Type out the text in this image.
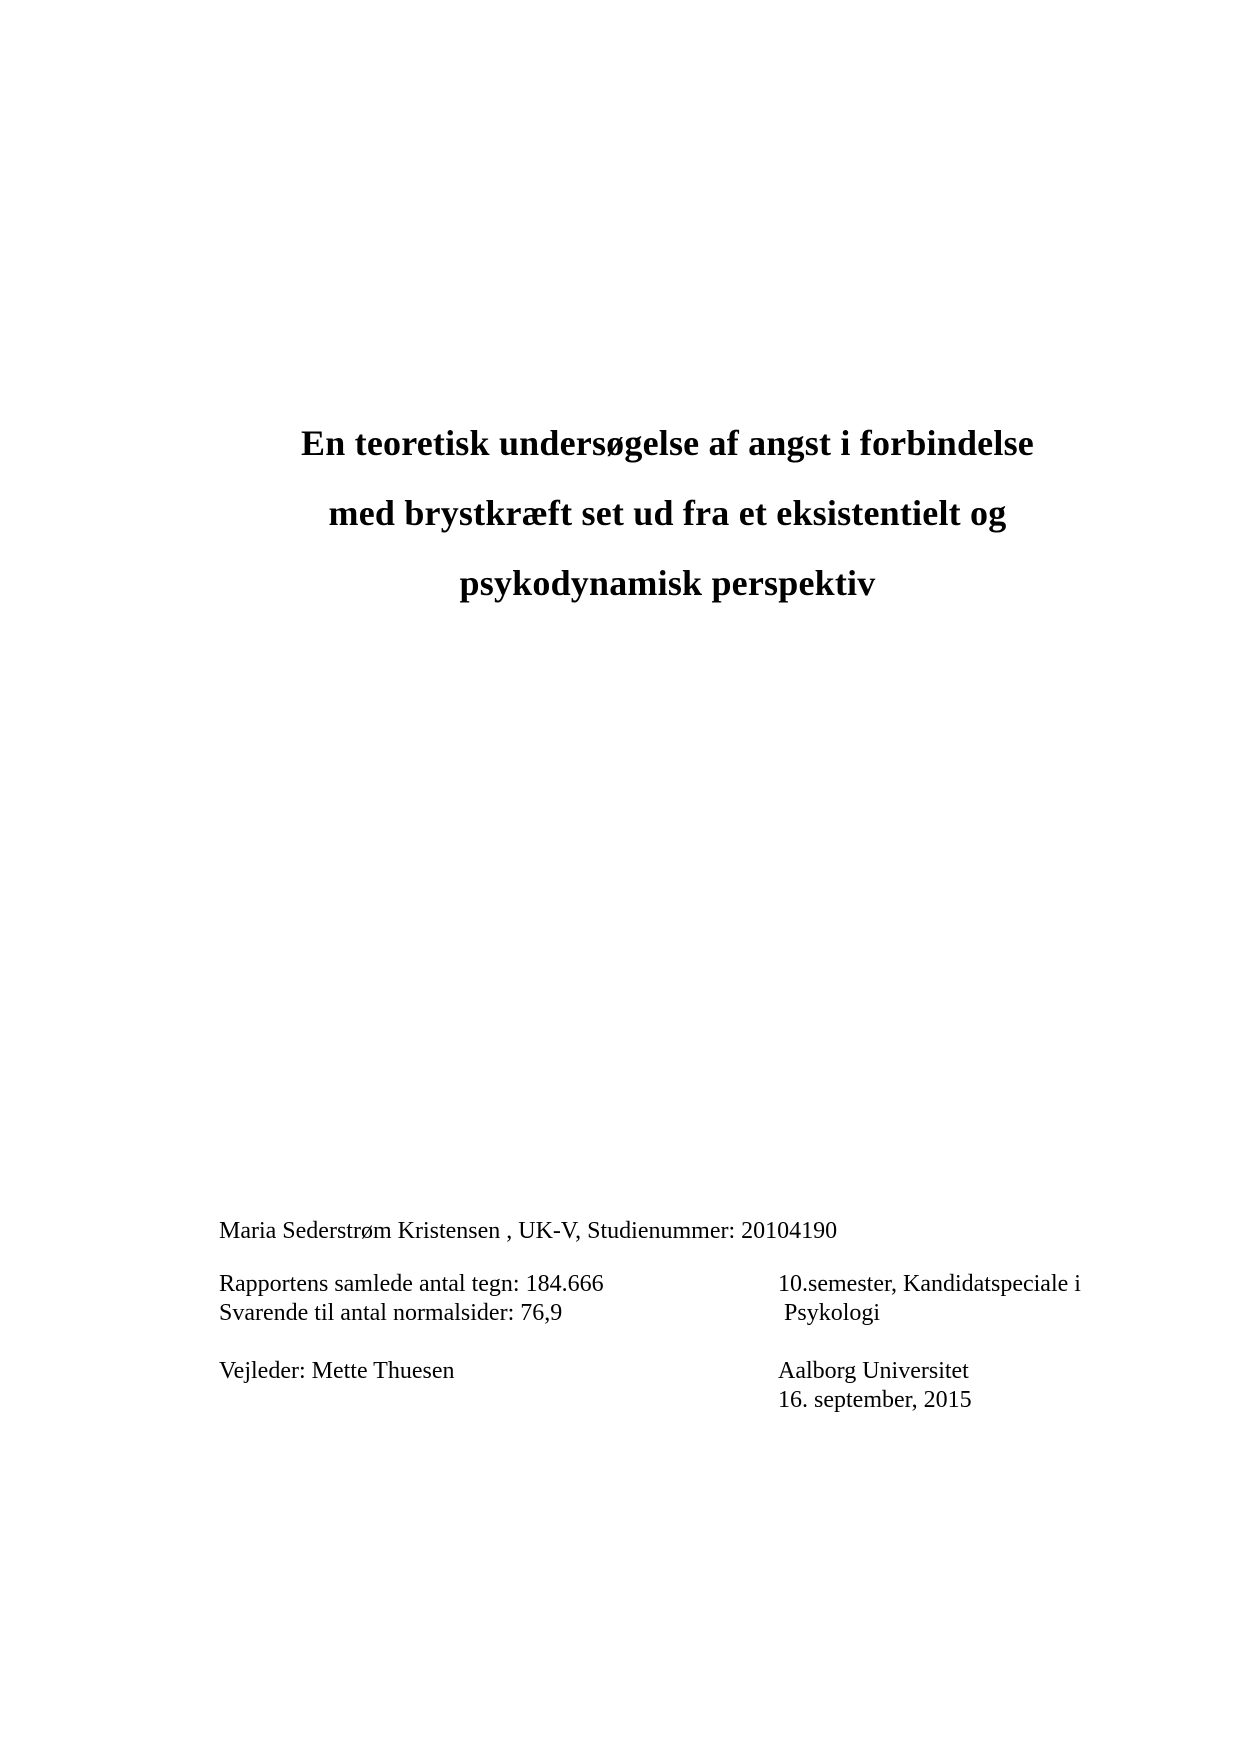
En teoretisk undersøgelse af angst i forbindelse
med brystkræft set ud fra et eksistentielt og
psykodynamisk perspektiv
Maria Sederstrøm Kristensen , UK-V, Studienummer: 20104190
Rapportens samlede antal tegn: 184.666
Svarende til antal normalsider: 76,9
Vejleder: Mette Thuesen
10.semester, Kandidatspeciale i
Psykologi
Aalborg Universitet
16. september, 2015
